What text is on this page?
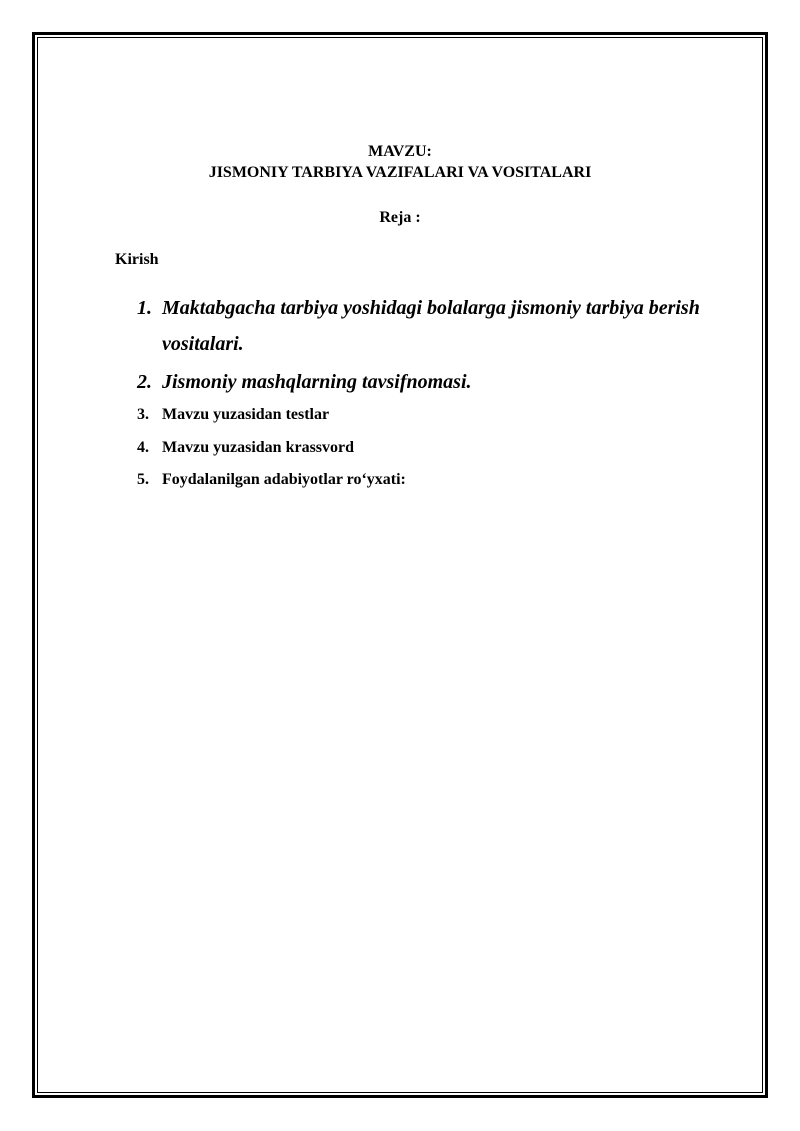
MAVZU:
JISMONIY TARBIYA VAZIFALARI VA VOSITALARI
Reja :
Kirish
1. Maktabgacha tarbiya yoshidagi bolalarga jismoniy tarbiya berish vositalari.
2. Jismoniy mashqlarning tavsifnomasi.
3. Mavzu yuzasidan testlar
4. Mavzu yuzasidan krassvord
5. Foydalanilgan adabiyotlar ro‘yxati:
